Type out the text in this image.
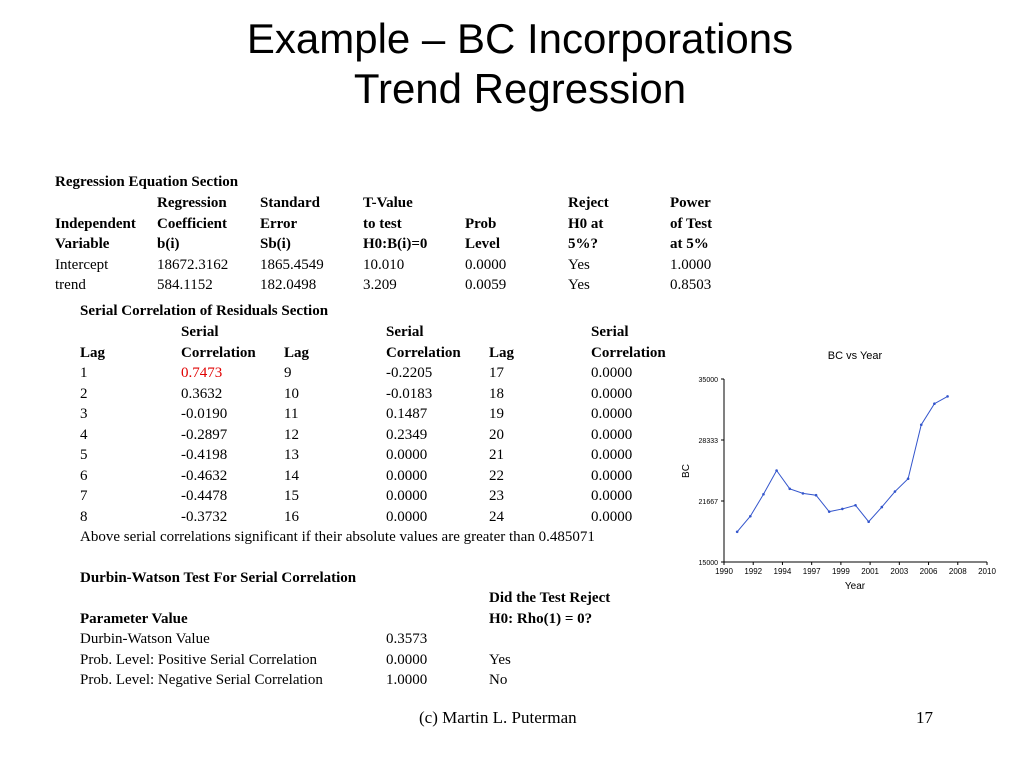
Example – BC Incorporations
Trend Regression
Regression Equation Section
	Regression	Standard	T-Value		Reject	Power
Independent	Coefficient	Error	to test	Prob	H0 at	of Test
Variable	b(i)	Sb(i)	H0:B(i)=0	Level	5%?	at 5%
Intercept	18672.3162	1865.4549	10.010	0.0000	Yes	1.0000
trend	584.1152	182.0498	3.209	0.0059	Yes	0.8503
Serial Correlation of Residuals Section
	Serial		Serial		Serial
Lag	Correlation	Lag	Correlation	Lag	Correlation
1	0.7473	9	-0.2205	17	0.0000
2	0.3632	10	-0.0183	18	0.0000
3	-0.0190	11	0.1487	19	0.0000
4	-0.2897	12	0.2349	20	0.0000
5	-0.4198	13	0.0000	21	0.0000
6	-0.4632	14	0.0000	22	0.0000
7	-0.4478	15	0.0000	23	0.0000
8	-0.3732	16	0.0000	24	0.0000
Above serial correlations significant if their absolute values are greater than 0.485071
Durbin-Watson Test For Serial Correlation
		Did the Test Reject
Parameter Value		H0: Rho(1) = 0?
Durbin-Watson Value	0.3573	
Prob. Level: Positive Serial Correlation	0.0000	Yes
Prob. Level: Negative Serial Correlation	1.0000	No
BC vs Year
15000
21667
28333
35000
1990 1992 1994 1997 1999 2001 2003 2006 2008 2010
Year
BC
(c) Martin L. Puterman	17
